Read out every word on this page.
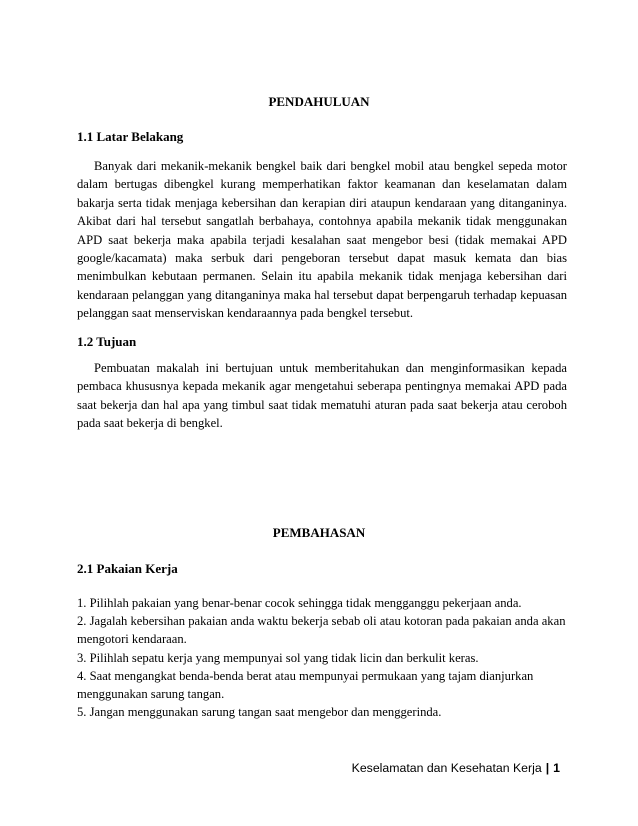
PENDAHULUAN
1.1 Latar Belakang

Banyak dari mekanik-mekanik bengkel baik dari bengkel mobil atau bengkel sepeda motor dalam bertugas dibengkel kurang memperhatikan faktor keamanan dan keselamatan dalam bakarja serta tidak menjaga kebersihan dan kerapian diri ataupun kendaraan yang ditanganinya. Akibat dari hal tersebut sangatlah berbahaya, contohnya apabila mekanik tidak menggunakan APD saat bekerja maka apabila terjadi kesalahan saat mengebor besi (tidak memakai APD google/kacamata) maka serbuk dari pengeboran tersebut dapat masuk kemata dan bias menimbulkan kebutaan permanen. Selain itu apabila mekanik tidak menjaga kebersihan dari kendaraan pelanggan yang ditanganinya maka hal tersebut dapat berpengaruh terhadap kepuasan pelanggan saat menserviskan kendaraannya pada bengkel tersebut.

1.2 Tujuan

Pembuatan makalah ini bertujuan untuk memberitahukan dan menginformasikan kepada pembaca khususnya kepada mekanik agar mengetahui seberapa pentingnya memakai APD pada saat bekerja dan hal apa yang timbul saat tidak mematuhi aturan pada saat bekerja atau ceroboh pada saat bekerja di bengkel.

PEMBAHASAN
2.1 Pakaian Kerja

1. Pilihlah pakaian yang benar-benar cocok sehingga tidak mengganggu pekerjaan anda.

2. Jagalah kebersihan pakaian anda waktu bekerja sebab oli atau kotoran pada pakaian anda akan mengotori kendaraan.

3. Pilihlah sepatu kerja yang mempunyai sol yang tidak licin dan berkulit keras.

4. Saat mengangkat benda-benda berat atau mempunyai permukaan yang tajam dianjurkan menggunakan sarung tangan.

5. Jangan menggunakan sarung tangan saat mengebor dan menggerinda.

Keselamatan dan Kesehatan Kerja | 1
